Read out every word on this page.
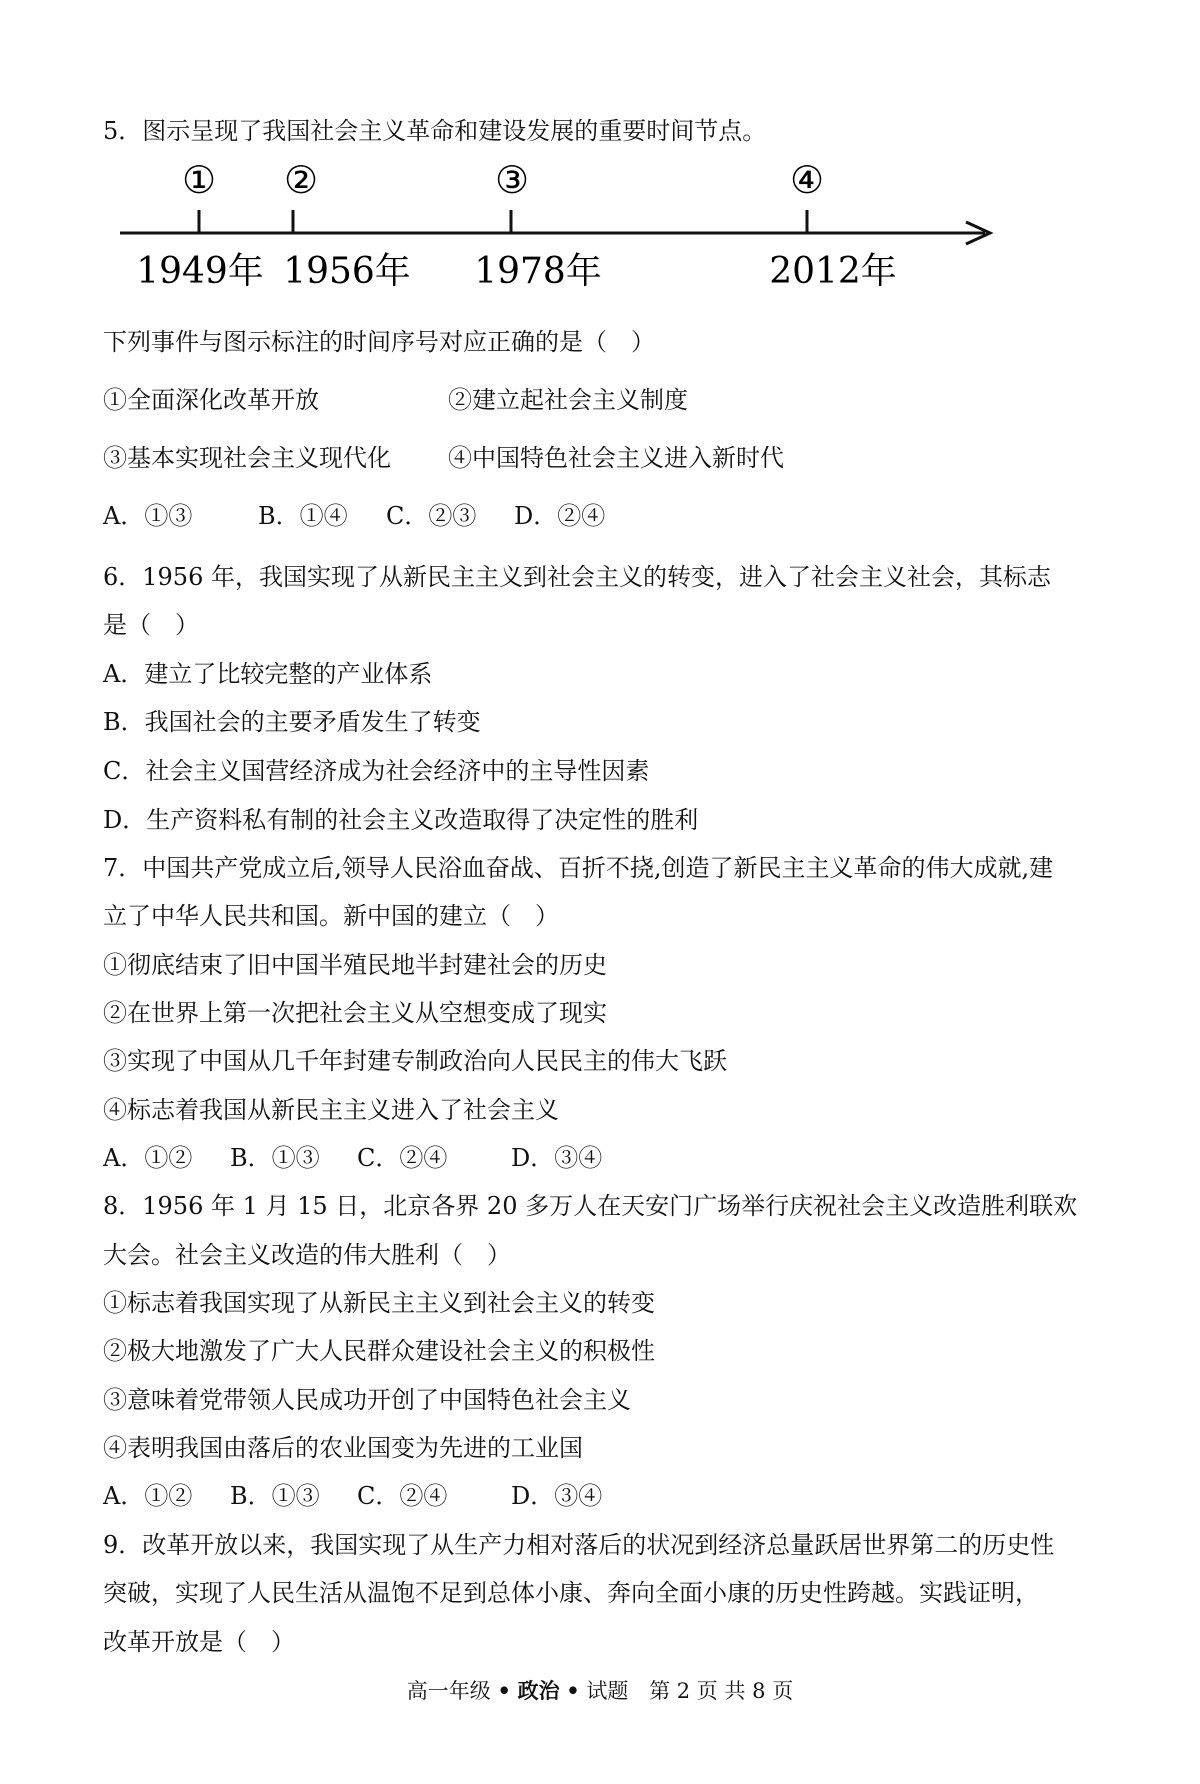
5．图示呈现了我国社会主义革命和建设发展的重要时间节点。
① ②	③	④
1949年 1956年 1978年	2012年
下列事件与图示标注的时间序号对应正确的是（　）
①全面深化改革开放	②建立起社会主义制度
③基本实现社会主义现代化 ④中国特色社会主义进入新时代
A．①③	B．①④ C．②③ D．②④
6．1956 年，我国实现了从新民主主义到社会主义的转变，进入了社会主义社会，其标志
是（　）
A．建立了比较完整的产业体系
B．我国社会的主要矛盾发生了转变
C．社会主义国营经济成为社会经济中的主导性因素
D．生产资料私有制的社会主义改造取得了决定性的胜利
7．中国共产党成立后,领导人民浴血奋战、百折不挠,创造了新民主主义革命的伟大成就,建
立了中华人民共和国。新中国的建立（　）
①彻底结束了旧中国半殖民地半封建社会的历史
②在世界上第一次把社会主义从空想变成了现实
③实现了中国从几千年封建专制政治向人民民主的伟大飞跃
④标志着我国从新民主主义进入了社会主义
A．①② B．①③ C．②④	D．③④
8．1956 年 1 月 15 日，北京各界 20 多万人在天安门广场举行庆祝社会主义改造胜利联欢
大会。社会主义改造的伟大胜利（　）
①标志着我国实现了从新民主主义到社会主义的转变
②极大地激发了广大人民群众建设社会主义的积极性
③意味着党带领人民成功开创了中国特色社会主义
④表明我国由落后的农业国变为先进的工业国
A．①② B．①③ C．②④	D．③④
9．改革开放以来，我国实现了从生产力相对落后的状况到经济总量跃居世界第二的历史性
突破，实现了人民生活从温饱不足到总体小康、奔向全面小康的历史性跨越。实践证明，
改革开放是（　）
高一年级 • 政治 • 试题 第 2 页 共 8 页
